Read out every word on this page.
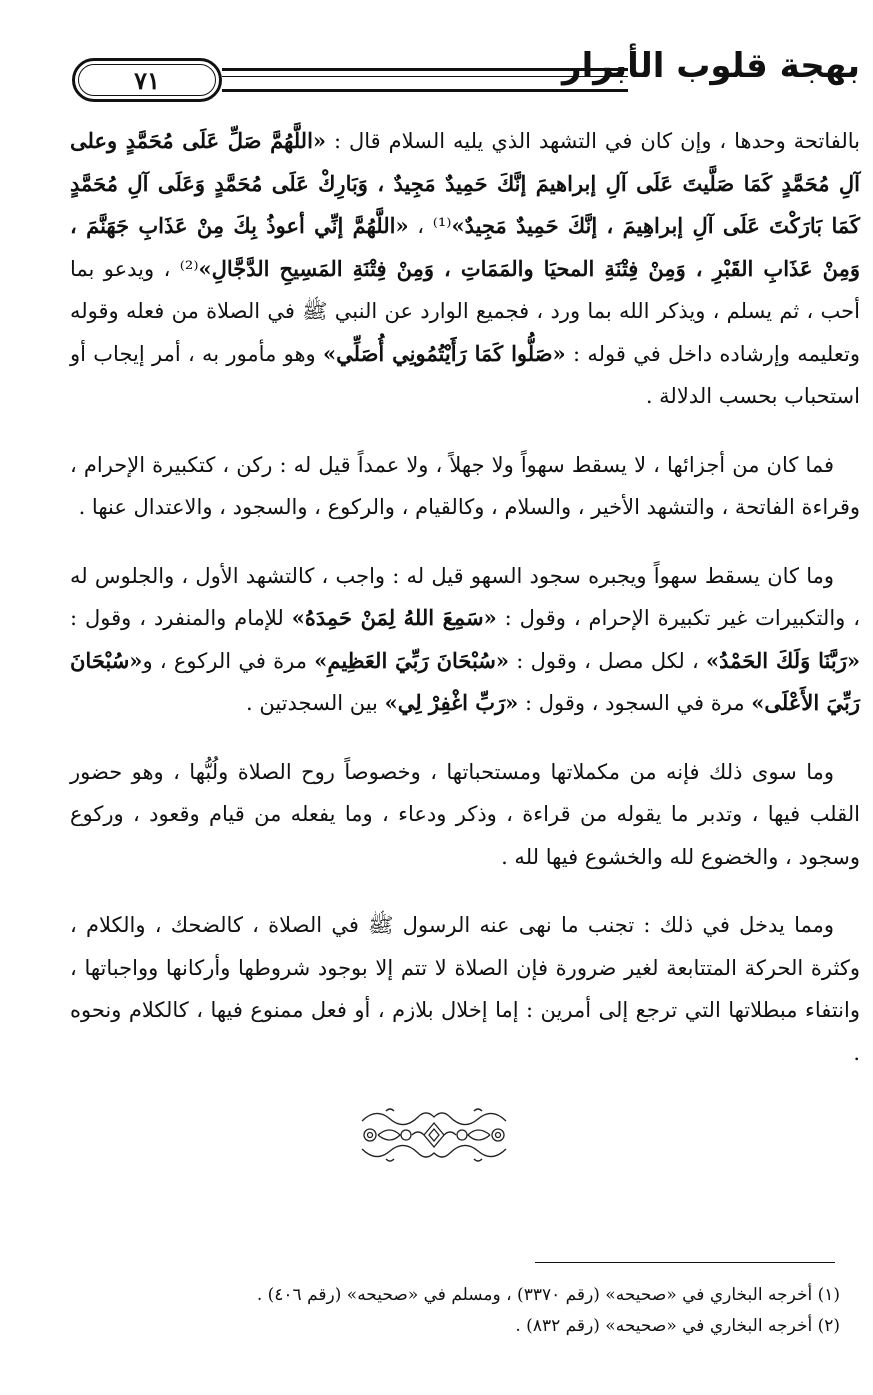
٧١	بهجة قلوب الأبرار

بالفاتحة وحدها ، وإن كان في التشهد الذي يليه السلام قال : «اللَّهُمَّ صَلِّ عَلَى مُحَمَّدٍ وعلى آلِ مُحَمَّدٍ كَمَا صَلَّيتَ عَلَى آلِ إبراهيمَ إنَّكَ حَمِيدٌ مَجِيدٌ ، وَبَارِكْ عَلَى مُحَمَّدٍ وَعَلَى آلِ مُحَمَّدٍ كَمَا بَارَكْتَ عَلَى آلِ إبراهِيمَ ، إنَّكَ حَمِيدٌ مَجِيدٌ»⁽¹⁾ ، «اللَّهُمَّ إنِّي أعوذُ بِكَ مِنْ عَذَابِ جَهَنَّمَ ، وَمِنْ عَذَابِ القَبْرِ ، وَمِنْ فِتْنَةِ المحيَا والمَمَاتِ ، وَمِنْ فِتْنَةِ المَسِيحِ الدَّجَّالِ»⁽²⁾ ، ويدعو بما أحب ، ثم يسلم ، ويذكر الله بما ورد ، فجميع الوارد عن النبي ﷺ في الصلاة من فعله وقوله وتعليمه وإرشاده داخل في قوله : «صَلُّوا كَمَا رَأَيْتُمُونِي أُصَلِّي» وهو مأمور به ، أمر إيجاب أو استحباب بحسب الدلالة .

فما كان من أجزائها ، لا يسقط سهواً ولا جهلاً ، ولا عمداً قيل له : ركن ، كتكبيرة الإحرام ، وقراءة الفاتحة ، والتشهد الأخير ، والسلام ، وكالقيام ، والركوع ، والسجود ، والاعتدال عنها .

وما كان يسقط سهواً ويجبره سجود السهو قيل له : واجب ، كالتشهد الأول ، والجلوس له ، والتكبيرات غير تكبيرة الإحرام ، وقول : «سَمِعَ اللهُ لِمَنْ حَمِدَهُ» للإمام والمنفرد ، وقول : «رَبَّنَا وَلَكَ الحَمْدُ» ، لكل مصل ، وقول : «سُبْحَانَ رَبِّيَ العَظِيمِ» مرة في الركوع ، و«سُبْحَانَ رَبِّيَ الأَعْلَى» مرة في السجود ، وقول : «رَبِّ اغْفِرْ لِي» بين السجدتين .

وما سوى ذلك فإنه من مكملاتها ومستحباتها ، وخصوصاً روح الصلاة ولُبُّها ، وهو حضور القلب فيها ، وتدبر ما يقوله من قراءة ، وذكر ودعاء ، وما يفعله من قيام وقعود ، وركوع وسجود ، والخضوع لله والخشوع فيها لله .

ومما يدخل في ذلك : تجنب ما نهى عنه الرسول ﷺ في الصلاة ، كالضحك ، والكلام ، وكثرة الحركة المتتابعة لغير ضرورة فإن الصلاة لا تتم إلا بوجود شروطها وأركانها وواجباتها ، وانتفاء مبطلاتها التي ترجع إلى أمرين : إما إخلال بلازم ، أو فعل ممنوع فيها ، كالكلام ونحوه .

(١) أخرجه البخاري في «صحيحه» (رقم ٣٣٧٠) ، ومسلم في «صحيحه» (رقم ٤٠٦) .

(٢) أخرجه البخاري في «صحيحه» (رقم ٨٣٢) .
